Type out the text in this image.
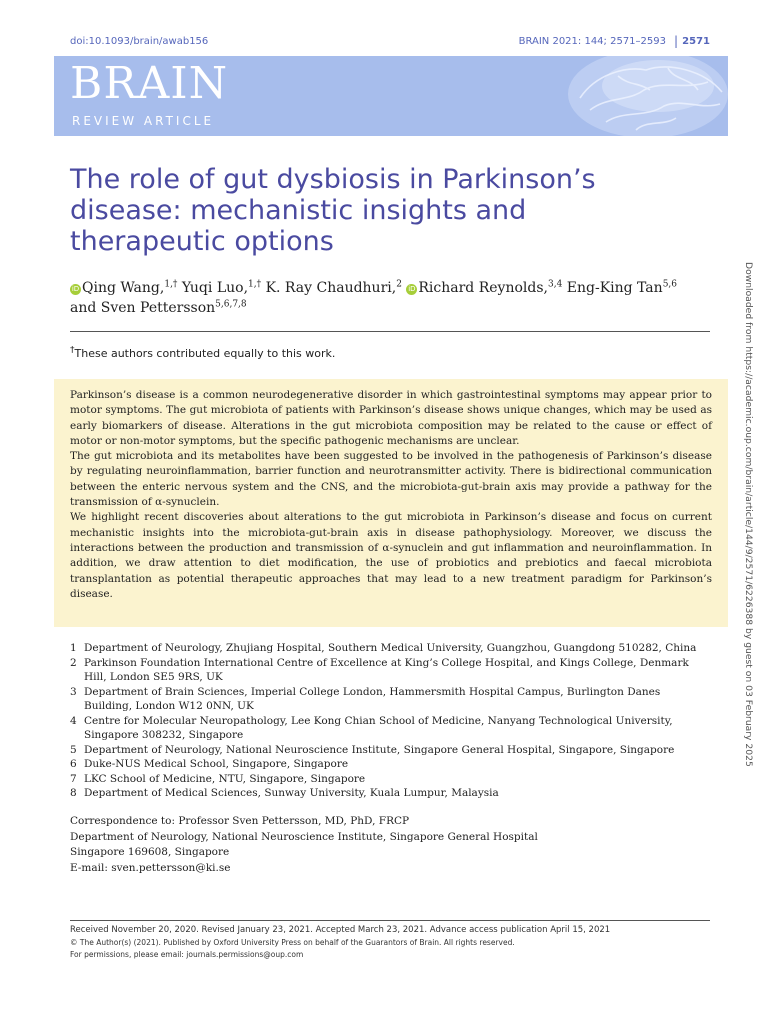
doi:10.1093/brain/awab156	BRAIN 2021: 144; 2571–2593 | 2571
BRAIN
REVIEW ARTICLE
The role of gut dysbiosis in Parkinson’s disease: mechanistic insights and therapeutic options
iD Qing Wang,$^{1,\dagger}$ Yuqi Luo,$^{1,\dagger}$ K. Ray Chaudhuri,$^2$ iD Richard Reynolds,$^{3,4}$ Eng-King Tan$^{5,6}$
and Sven Pettersson$^{5,6,7,8}$
†These authors contributed equally to this work.

Parkinson’s disease is a common neurodegenerative disorder in which gastrointestinal symptoms may appear prior to motor symptoms. The gut microbiota of patients with Parkinson’s disease shows unique changes, which may be used as early biomarkers of disease. Alterations in the gut microbiota composition may be related to the cause or effect of motor or non-motor symptoms, but the specific pathogenic mechanisms are unclear.

The gut microbiota and its metabolites have been suggested to be involved in the pathogenesis of Parkinson’s disease by regulating neuroinflammation, barrier function and neurotransmitter activity. There is bidirectional communication between the enteric nervous system and the CNS, and the microbiota-gut-brain axis may provide a pathway for the transmission of α-synuclein.

We highlight recent discoveries about alterations to the gut microbiota in Parkinson’s disease and focus on current mechanistic insights into the microbiota-gut-brain axis in disease pathophysiology. Moreover, we discuss the interactions between the production and transmission of α-synuclein and gut inflammation and neuroinflammation. In addition, we draw attention to diet modification, the use of probiotics and prebiotics and faecal microbiota transplantation as potential therapeutic approaches that may lead to a new treatment paradigm for Parkinson’s disease.

1 Department of Neurology, Zhujiang Hospital, Southern Medical University, Guangzhou, Guangdong 510282, China
2 Parkinson Foundation International Centre of Excellence at King’s College Hospital, and Kings College, Denmark Hill, London SE5 9RS, UK
3 Department of Brain Sciences, Imperial College London, Hammersmith Hospital Campus, Burlington Danes Building, London W12 0NN, UK
4 Centre for Molecular Neuropathology, Lee Kong Chian School of Medicine, Nanyang Technological University, Singapore 308232, Singapore
5 Department of Neurology, National Neuroscience Institute, Singapore General Hospital, Singapore, Singapore
6 Duke-NUS Medical School, Singapore, Singapore
7 LKC School of Medicine, NTU, Singapore, Singapore
8 Department of Medical Sciences, Sunway University, Kuala Lumpur, Malaysia
Correspondence to: Professor Sven Pettersson, MD, PhD, FRCP
Department of Neurology, National Neuroscience Institute, Singapore General Hospital
Singapore 169608, Singapore
E-mail: sven.pettersson@ki.se
Received November 20, 2020. Revised January 23, 2021. Accepted March 23, 2021. Advance access publication April 15, 2021
© The Author(s) (2021). Published by Oxford University Press on behalf of the Guarantors of Brain. All rights reserved.
For permissions, please email: journals.permissions@oup.com
Downloaded from https://academic.oup.com/brain/article/144/9/2571/6226388 by guest on 03 February 2025
